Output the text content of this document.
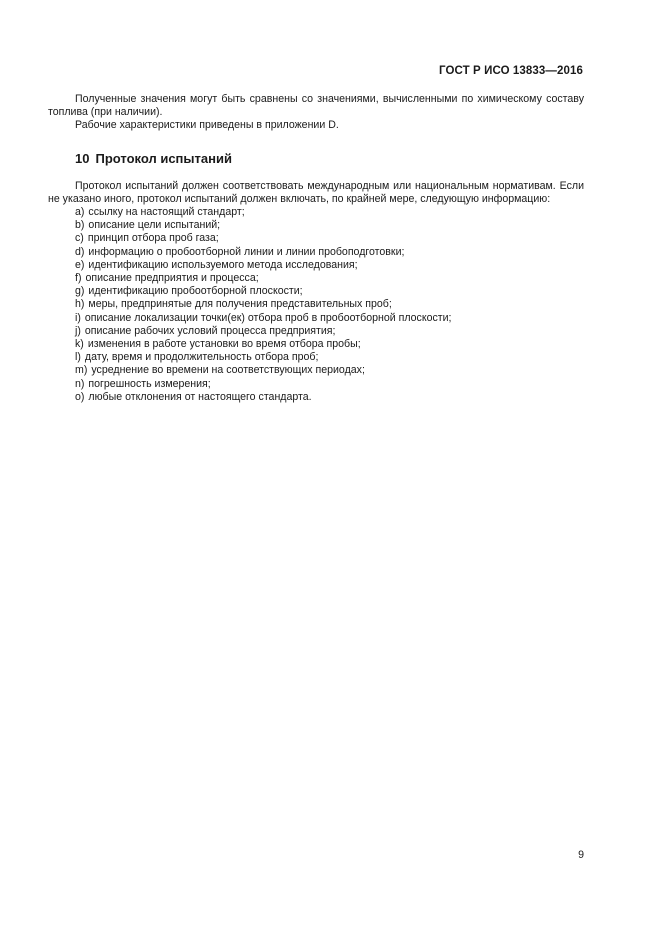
ГОСТ Р ИСО 13833—2016

Полученные значения могут быть сравнены со значениями, вычисленными по химическому составу топлива (при наличии).

Рабочие характеристики приведены в приложении D.

10 Протокол испытаний

Протокол испытаний должен соответствовать международным или национальным нормативам. Если не указано иного, протокол испытаний должен включать, по крайней мере, следующую информацию:

a) ссылку на настоящий стандарт;
b) описание цели испытаний;
c) принцип отбора проб газа;
d) информацию о пробоотборной линии и линии пробоподготовки;
e) идентификацию используемого метода исследования;
f) описание предприятия и процесса;
g) идентификацию пробоотборной плоскости;
h) меры, предпринятые для получения представительных проб;
i) описание локализации точки(ек) отбора проб в пробоотборной плоскости;
j) описание рабочих условий процесса предприятия;
k) изменения в работе установки во время отбора пробы;
l) дату, время и продолжительность отбора проб;
m) усреднение во времени на соответствующих периодах;
n) погрешность измерения;
o) любые отклонения от настоящего стандарта.
9
